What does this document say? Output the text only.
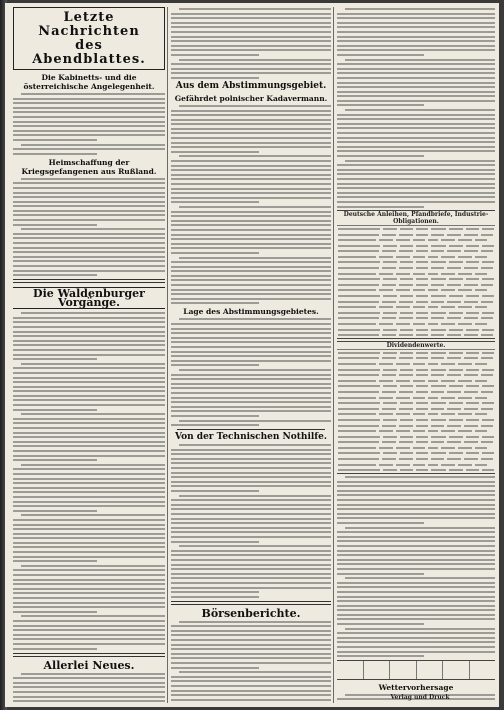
Letzte Nachrichten
des Abendblattes.
Die Kabinetts- und die österreichische Angelegenheit.
Heimschaffung der Kriegsgefangenen aus Rußland.
Die Waldenburger Vorgänge.
Allerlei Neues.
Aus dem Abstimmungsgebiet.
Gefährdet polnischer Kadavermann.
Lage des Abstimmungsgebietes.
Von der Technischen Nothilfe.
Börsenberichte.
Deutsche Anleihen, Pfandbriefe, Industrie-Obligationen.
Dividendenwerte.
Wettervorhersage
Verlag und Druck
